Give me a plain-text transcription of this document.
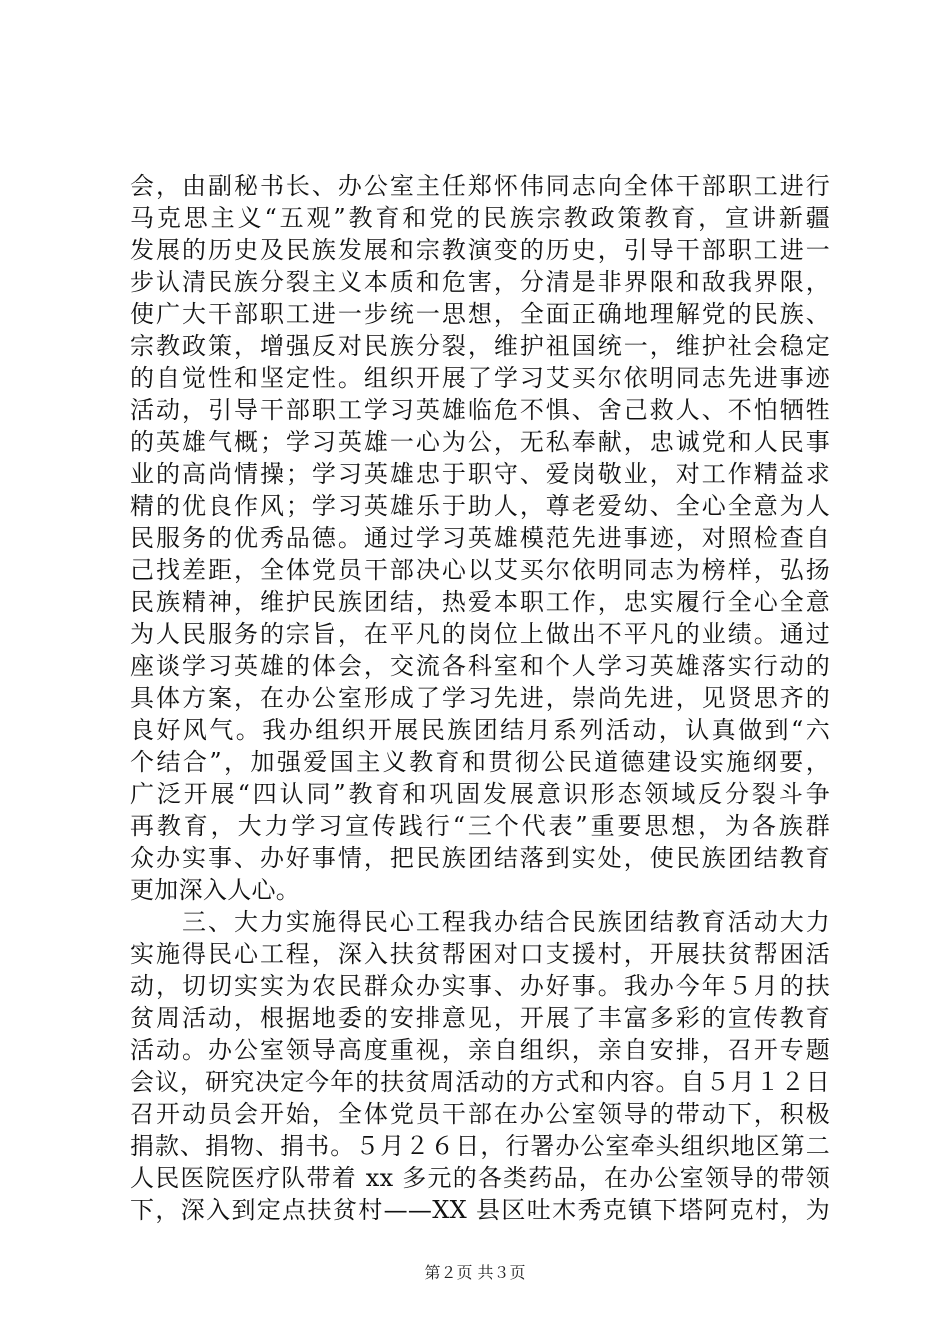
会，由副秘书长、办公室主任郑怀伟同志向全体干部职工进行
马克思主义“五观”教育和党的民族宗教政策教育，宣讲新疆
发展的历史及民族发展和宗教演变的历史，引导干部职工进一
步认清民族分裂主义本质和危害，分清是非界限和敌我界限，
使广大干部职工进一步统一思想，全面正确地理解党的民族、
宗教政策，增强反对民族分裂，维护祖国统一，维护社会稳定
的自觉性和坚定性。组织开展了学习艾买尔依明同志先进事迹
活动，引导干部职工学习英雄临危不惧、舍己救人、不怕牺牲
的英雄气概；学习英雄一心为公，无私奉献，忠诚党和人民事
业的高尚情操；学习英雄忠于职守、爱岗敬业，对工作精益求
精的优良作风；学习英雄乐于助人，尊老爱幼、全心全意为人
民服务的优秀品德。通过学习英雄模范先进事迹，对照检查自
己找差距，全体党员干部决心以艾买尔依明同志为榜样，弘扬
民族精神，维护民族团结，热爱本职工作，忠实履行全心全意
为人民服务的宗旨，在平凡的岗位上做出不平凡的业绩。通过
座谈学习英雄的体会，交流各科室和个人学习英雄落实行动的
具体方案，在办公室形成了学习先进，崇尚先进，见贤思齐的
良好风气。我办组织开展民族团结月系列活动，认真做到“六
个结合”，加强爱国主义教育和贯彻公民道德建设实施纲要，
广泛开展“四认同”教育和巩固发展意识形态领域反分裂斗争
再教育，大力学习宣传践行“三个代表”重要思想，为各族群
众办实事、办好事情，把民族团结落到实处，使民族团结教育
更加深入人心。
　　三、大力实施得民心工程我办结合民族团结教育活动大力
实施得民心工程，深入扶贫帮困对口支援村，开展扶贫帮困活
动，切切实实为农民群众办实事、办好事。我办今年５月的扶
贫周活动，根据地委的安排意见，开展了丰富多彩的宣传教育
活动。办公室领导高度重视，亲自组织，亲自安排，召开专题
会议，研究决定今年的扶贫周活动的方式和内容。自５月１２日
召开动员会开始，全体党员干部在办公室领导的带动下，积极
捐款、捐物、捐书。５月２６日，行署办公室牵头组织地区第二
人民医院医疗队带着 xx 多元的各类药品，在办公室领导的带领
下，深入到定点扶贫村——XX 县区吐木秀克镇下塔阿克村，为
第２页 共３页
